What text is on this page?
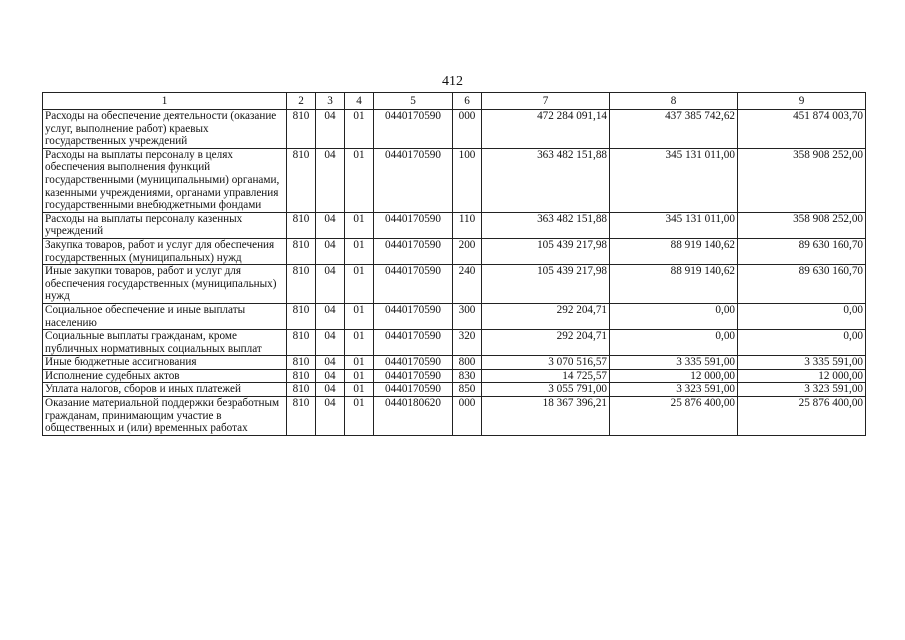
412
1	2	3	4	5	6	7	8	9
Расходы на обеспечение деятельности (оказание услуг, выполнение работ) краевых государственных учреждений	810	04	01	0440170590	000	472 284 091,14	437 385 742,62	451 874 003,70
Расходы на выплаты персоналу в целях обеспечения выполнения функций государственными (муниципальными) органами, казенными учреждениями, органами управления государственными внебюджетными фондами	810	04	01	0440170590	100	363 482 151,88	345 131 011,00	358 908 252,00
Расходы на выплаты персоналу казенных учреждений	810	04	01	0440170590	110	363 482 151,88	345 131 011,00	358 908 252,00
Закупка товаров, работ и услуг для обеспечения государственных (муниципальных) нужд	810	04	01	0440170590	200	105 439 217,98	88 919 140,62	89 630 160,70
Иные закупки товаров, работ и услуг для обеспечения государственных (муниципальных) нужд	810	04	01	0440170590	240	105 439 217,98	88 919 140,62	89 630 160,70
Социальное обеспечение и иные выплаты населению	810	04	01	0440170590	300	292 204,71	0,00	0,00
Социальные выплаты гражданам, кроме публичных нормативных социальных выплат	810	04	01	0440170590	320	292 204,71	0,00	0,00
Иные бюджетные ассигнования	810	04	01	0440170590	800	3 070 516,57	3 335 591,00	3 335 591,00
Исполнение судебных актов	810	04	01	0440170590	830	14 725,57	12 000,00	12 000,00
Уплата налогов, сборов и иных платежей	810	04	01	0440170590	850	3 055 791,00	3 323 591,00	3 323 591,00
Оказание материальной поддержки безработным гражданам, принимающим участие в общественных и (или) временных работах	810	04	01	0440180620	000	18 367 396,21	25 876 400,00	25 876 400,00
